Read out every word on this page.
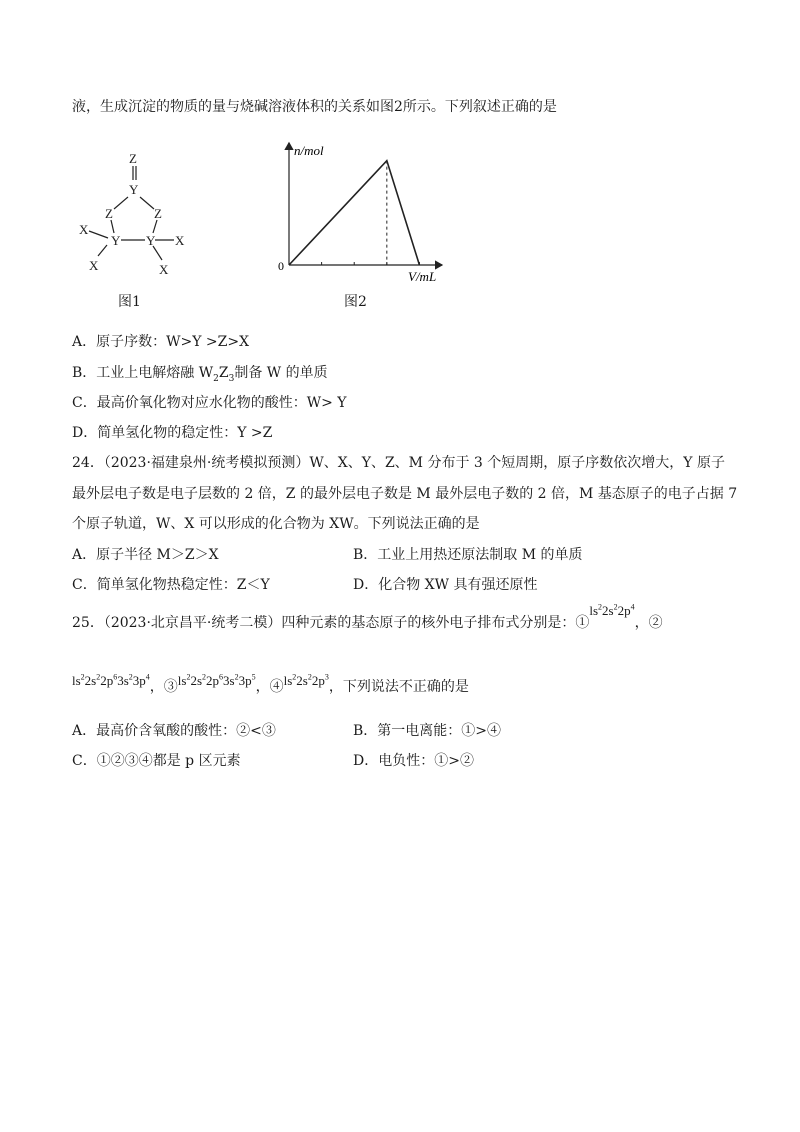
液，生成沉淀的物质的量与烧碱溶液体积的关系如图2所示。下列叙述正确的是
Z
Y
Z	Z
Y Y
X
X
X
X
图1
n/mol
V/mL
0
图2
A．原子序数：W>Y >Z>X
B．工业上电解熔融 $W_2Z_3$制备 W 的单质
C．最高价氧化物对应水化物的酸性：W> Y
D．简单氢化物的稳定性：Y >Z
24．（2023·福建泉州·统考模拟预测）W、X、Y、Z、M 分布于 3 个短周期，原子序数依次增大，Y 原子
最外层电子数是电子层数的 2 倍，Z 的最外层电子数是 M 最外层电子数的 2 倍，M 基态原子的电子占据 7
个原子轨道，W、X 可以形成的化合物为 XW。下列说法正确的是
A．原子半径 M＞Z＞X	B．工业上用热还原法制取 M 的单质
C．简单氢化物热稳定性：Z＜Y	D．化合物 XW 具有强还原性
25．（2023·北京昌平·统考二模）四种元素的基态原子的核外电子排布式分别是：$①ls^22s^22p^4$，②
$ls^22s^22p^63s^23p^4$，$③ls^22s^22p^63s^23p^5$，$④ls^22s^22p^3$，下列说法不正确的是
A．最高价含氧酸的酸性：②<③	B．第一电离能：①>④
C．①②③④都是 p 区元素	D．电负性：①>②
